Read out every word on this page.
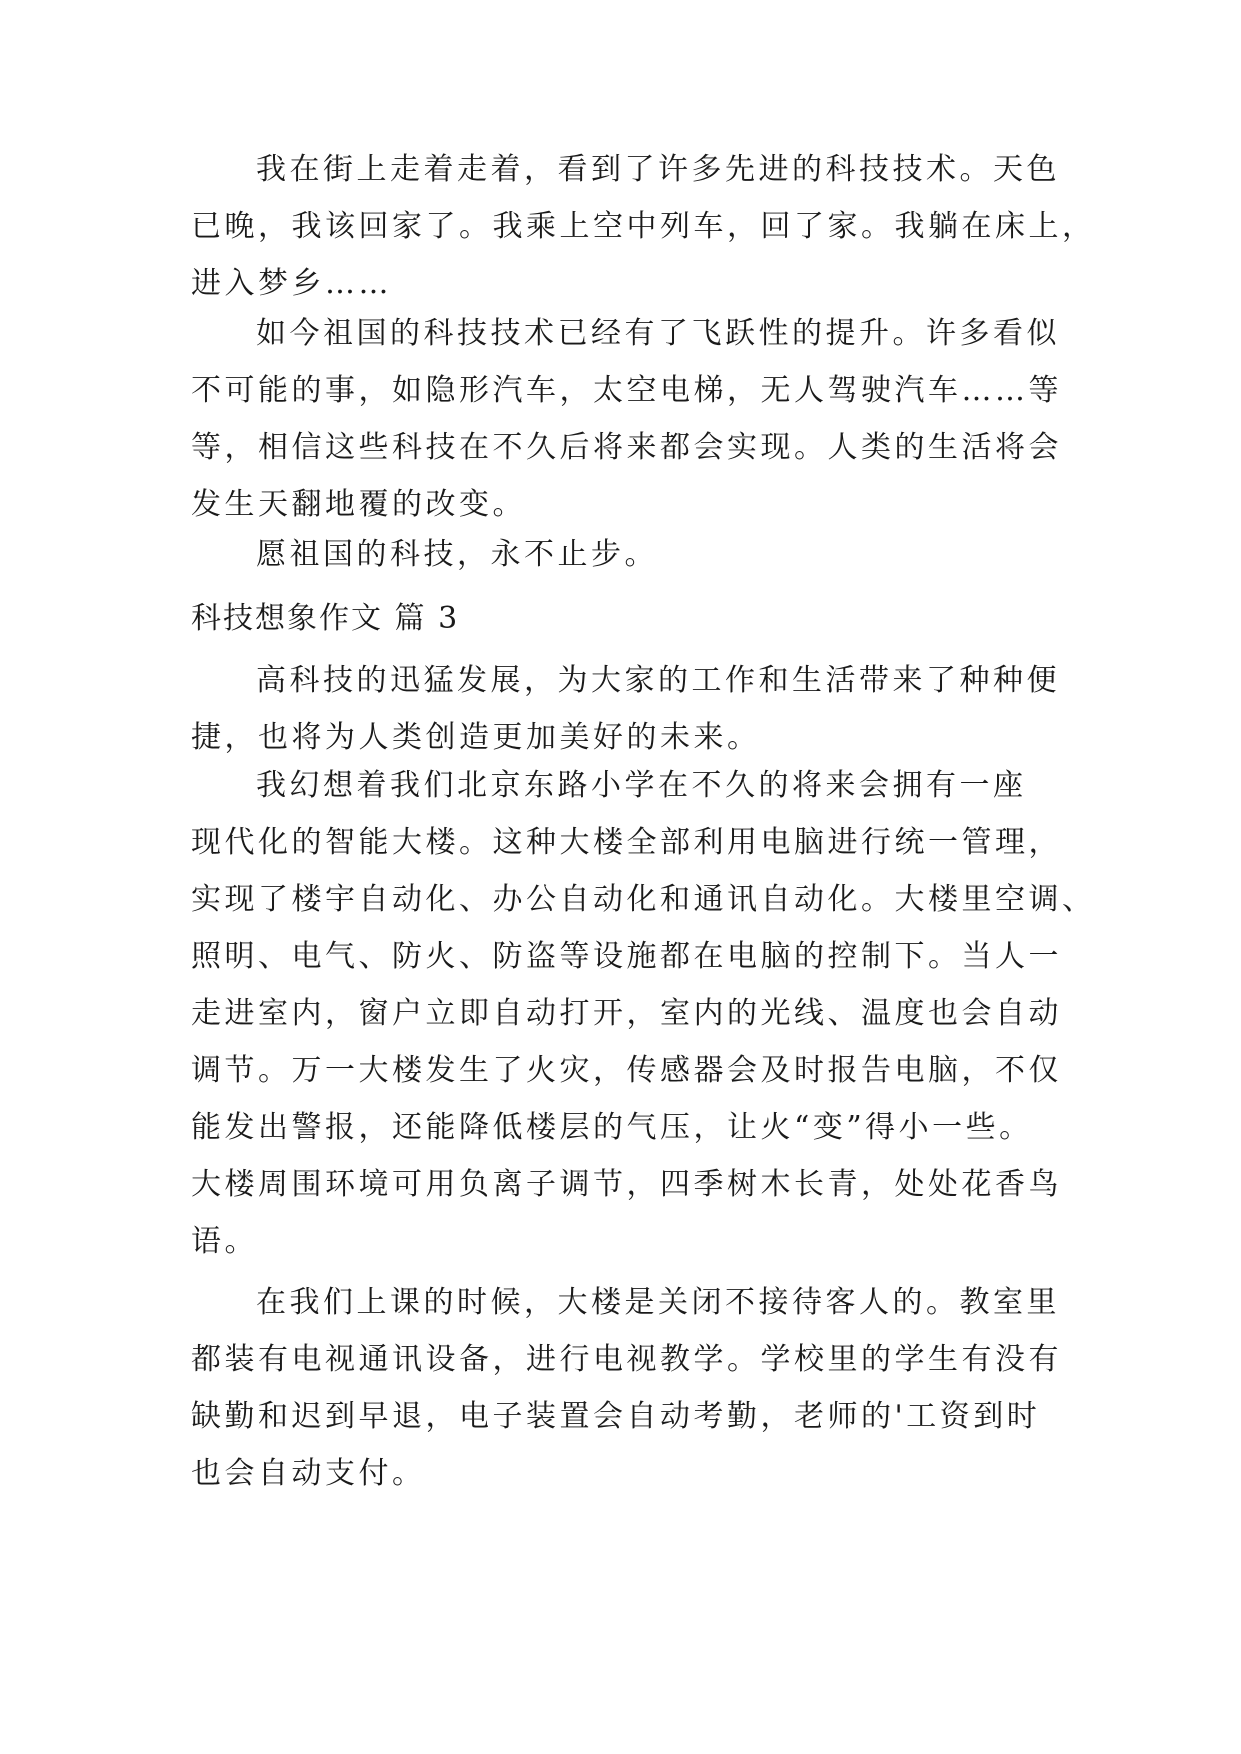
我在街上走着走着，看到了许多先进的科技技术。天色
已晚，我该回家了。我乘上空中列车，回了家。我躺在床上，
进入梦乡……
如今祖国的科技技术已经有了飞跃性的提升。许多看似
不可能的事，如隐形汽车，太空电梯，无人驾驶汽车……等
等，相信这些科技在不久后将来都会实现。人类的生活将会
发生天翻地覆的改变。
愿祖国的科技，永不止步。
科技想象作文 篇 3
高科技的迅猛发展，为大家的工作和生活带来了种种便
捷，也将为人类创造更加美好的未来。
我幻想着我们北京东路小学在不久的将来会拥有一座
现代化的智能大楼。这种大楼全部利用电脑进行统一管理，
实现了楼宇自动化、办公自动化和通讯自动化。大楼里空调、
照明、电气、防火、防盗等设施都在电脑的控制下。当人一
走进室内，窗户立即自动打开，室内的光线、温度也会自动
调节。万一大楼发生了火灾，传感器会及时报告电脑，不仅
能发出警报，还能降低楼层的气压，让火“变”得小一些。
大楼周围环境可用负离子调节，四季树木长青，处处花香鸟
语。
在我们上课的时候，大楼是关闭不接待客人的。教室里
都装有电视通讯设备，进行电视教学。学校里的学生有没有
缺勤和迟到早退，电子装置会自动考勤，老师的'工资到时
也会自动支付。
